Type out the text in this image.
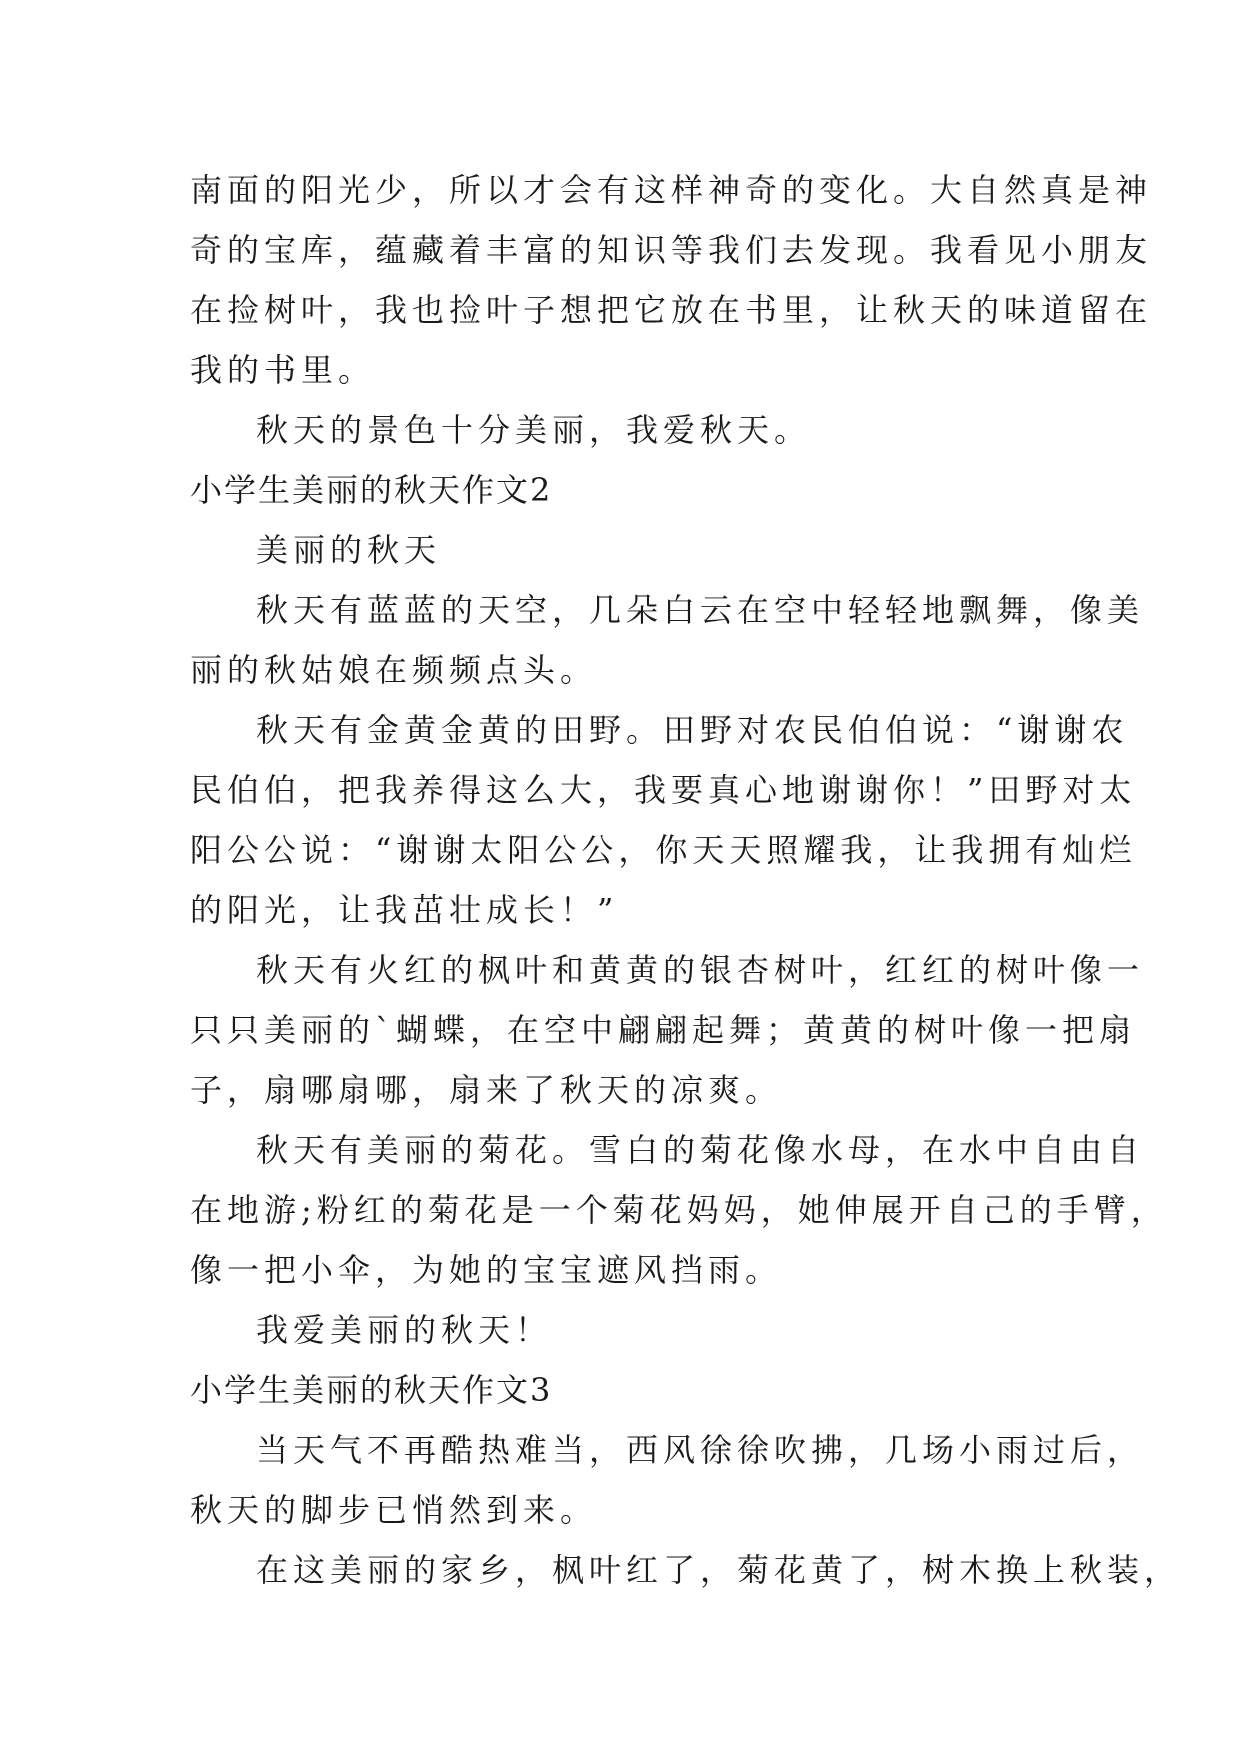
南面的阳光少，所以才会有这样神奇的变化。大自然真是神
奇的宝库，蕴藏着丰富的知识等我们去发现。我看见小朋友
在捡树叶，我也捡叶子想把它放在书里，让秋天的味道留在
我的书里。
秋天的景色十分美丽，我爱秋天。
小学生美丽的秋天作文2
美丽的秋天
秋天有蓝蓝的天空，几朵白云在空中轻轻地飘舞，像美
丽的秋姑娘在频频点头。
秋天有金黄金黄的田野。田野对农民伯伯说：“谢谢农
民伯伯，把我养得这么大，我要真心地谢谢你！”田野对太
阳公公说：“谢谢太阳公公，你天天照耀我，让我拥有灿烂
的阳光，让我茁壮成长！”
秋天有火红的枫叶和黄黄的银杏树叶，红红的树叶像一
只只美丽的`蝴蝶，在空中翩翩起舞；黄黄的树叶像一把扇
子，扇哪扇哪，扇来了秋天的凉爽。
秋天有美丽的菊花。雪白的菊花像水母，在水中自由自
在地游;粉红的菊花是一个菊花妈妈，她伸展开自己的手臂，
像一把小伞，为她的宝宝遮风挡雨。
我爱美丽的秋天！
小学生美丽的秋天作文3
当天气不再酷热难当，西风徐徐吹拂，几场小雨过后，
秋天的脚步已悄然到来。
在这美丽的家乡，枫叶红了，菊花黄了，树木换上秋装，
